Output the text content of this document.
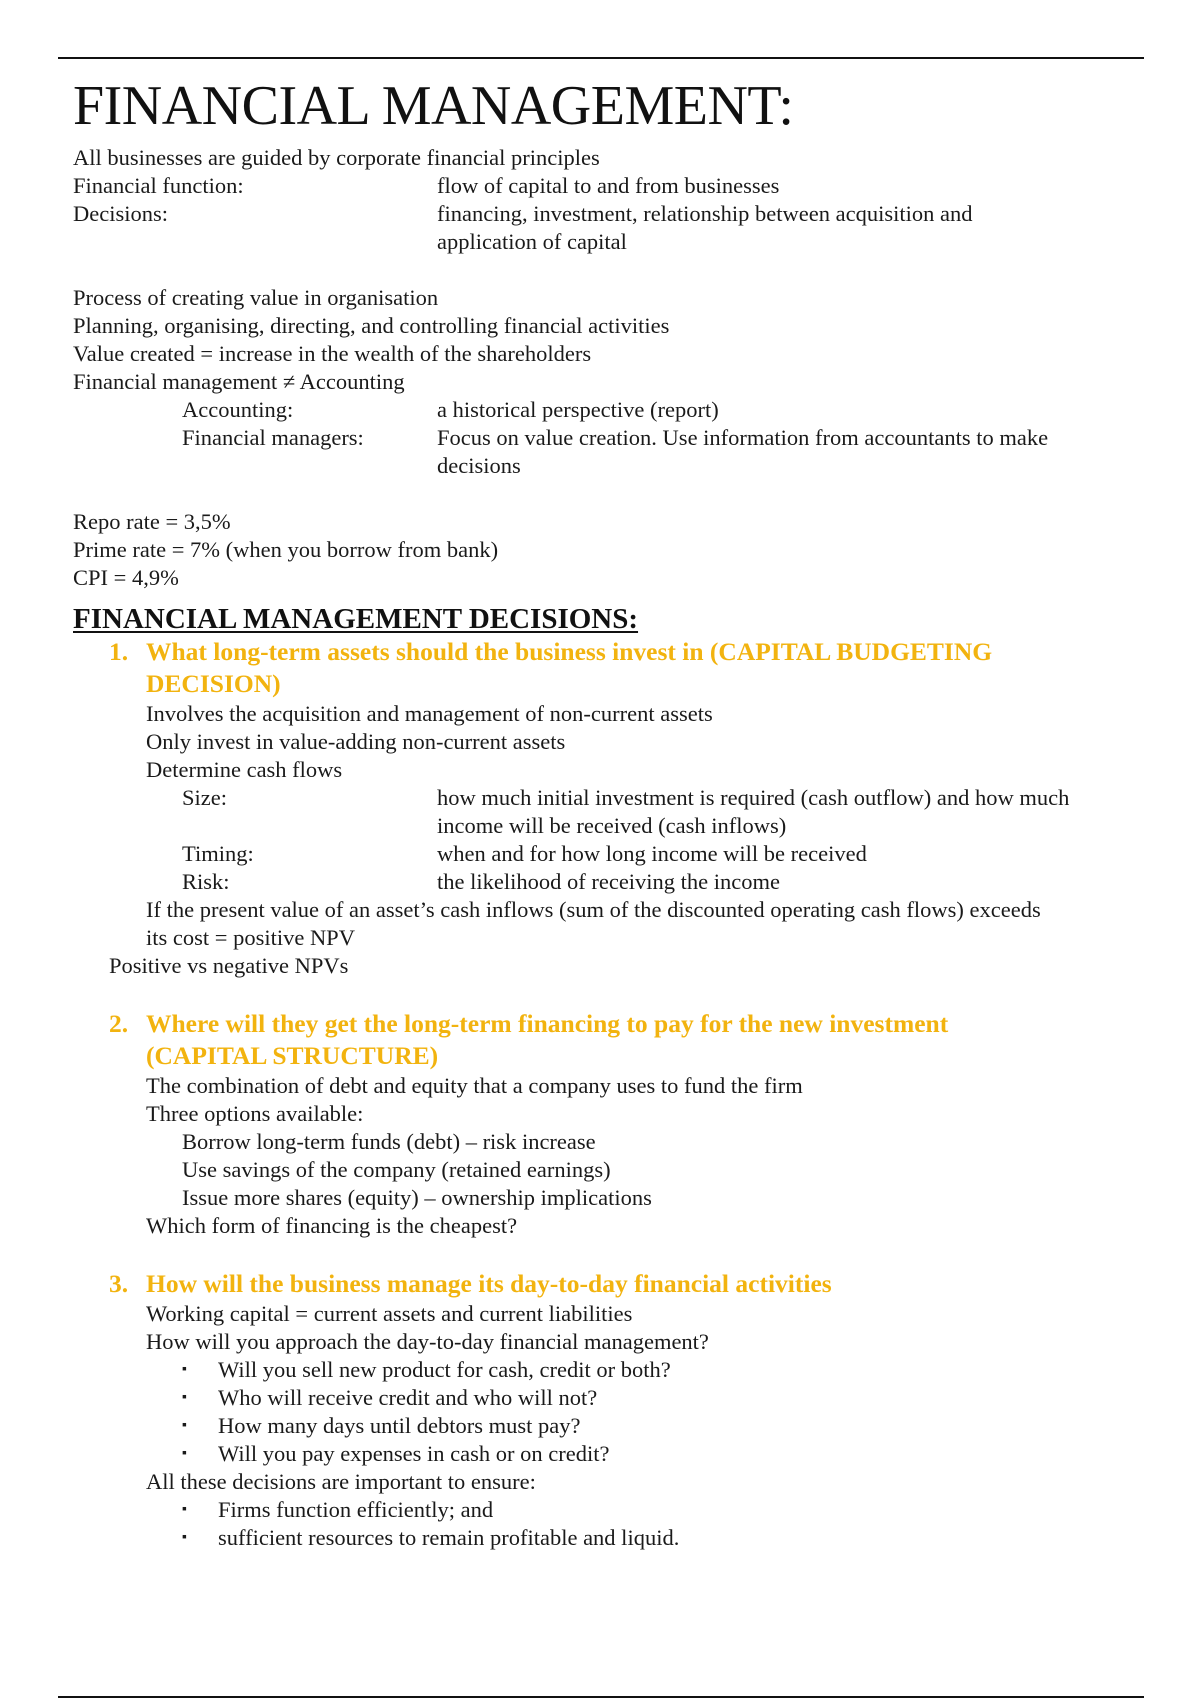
FINANCIAL MANAGEMENT:
All businesses are guided by corporate financial principles
Financial function:	flow of capital to and from businesses
Decisions:	financing, investment, relationship between acquisition and
application of capital
Process of creating value in organisation
Planning, organising, directing, and controlling financial activities
Value created = increase in the wealth of the shareholders
Financial management ≠ Accounting
Accounting:	a historical perspective (report)
Financial managers:	Focus on value creation. Use information from accountants to make
decisions
Repo rate = 3,5%
Prime rate = 7% (when you borrow from bank)
CPI = 4,9%
FINANCIAL MANAGEMENT DECISIONS:
1. What long-term assets should the business invest in (CAPITAL BUDGETING
DECISION)
Involves the acquisition and management of non-current assets
Only invest in value-adding non-current assets
Determine cash flows
Size:	how much initial investment is required (cash outflow) and how much
income will be received (cash inflows)
Timing:	when and for how long income will be received
Risk:	the likelihood of receiving the income
If the present value of an asset’s cash inflows (sum of the discounted operating cash flows) exceeds
its cost = positive NPV
Positive vs negative NPVs
2. Where will they get the long-term financing to pay for the new investment
(CAPITAL STRUCTURE)
The combination of debt and equity that a company uses to fund the firm
Three options available:
Borrow long-term funds (debt) – risk increase
Use savings of the company (retained earnings)
Issue more shares (equity) – ownership implications
Which form of financing is the cheapest?
3. How will the business manage its day-to-day financial activities
Working capital = current assets and current liabilities
How will you approach the day-to-day financial management?
▪	Will you sell new product for cash, credit or both?
▪	Who will receive credit and who will not?
▪	How many days until debtors must pay?
▪	Will you pay expenses in cash or on credit?
All these decisions are important to ensure:
▪	Firms function efficiently; and
▪	sufficient resources to remain profitable and liquid.
